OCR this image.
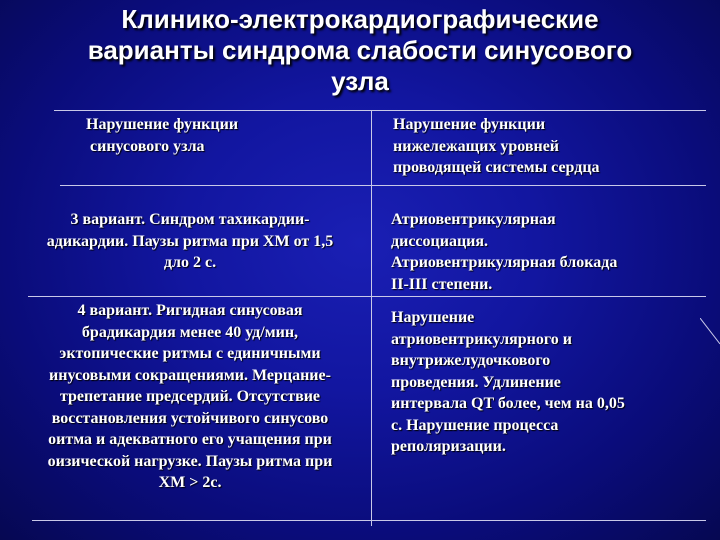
Клинико-электрокардиографические
варианты синдрома слабости синусового
узла
Нарушение функции
синусового узла
Нарушение функции
нижележащих уровней
проводящей системы сердца
3 вариант. Синдром тахикардии-
адикардии. Паузы ритма при ХМ от 1,5
дло 2 с.
Атриовентрикулярная
диссоциация.
Атриовентрикулярная блокада
II-III степени.
4 вариант. Ригидная синусовая
брадикардия менее 40 уд/мин,
эктопические ритмы с единичными
инусовыми сокращениями. Мерцание-
трепетание предсердий. Отсутствие
восстановления устойчивого синусово
оитма и адекватного его учащения при
оизической нагрузке. Паузы ритма при
ХМ > 2с.
Нарушение
атриовентрикулярного и
внутрижелудочкового
проведения. Удлинение
интервала QT более, чем на 0,05
с. Нарушение процесса
реполяризации.
